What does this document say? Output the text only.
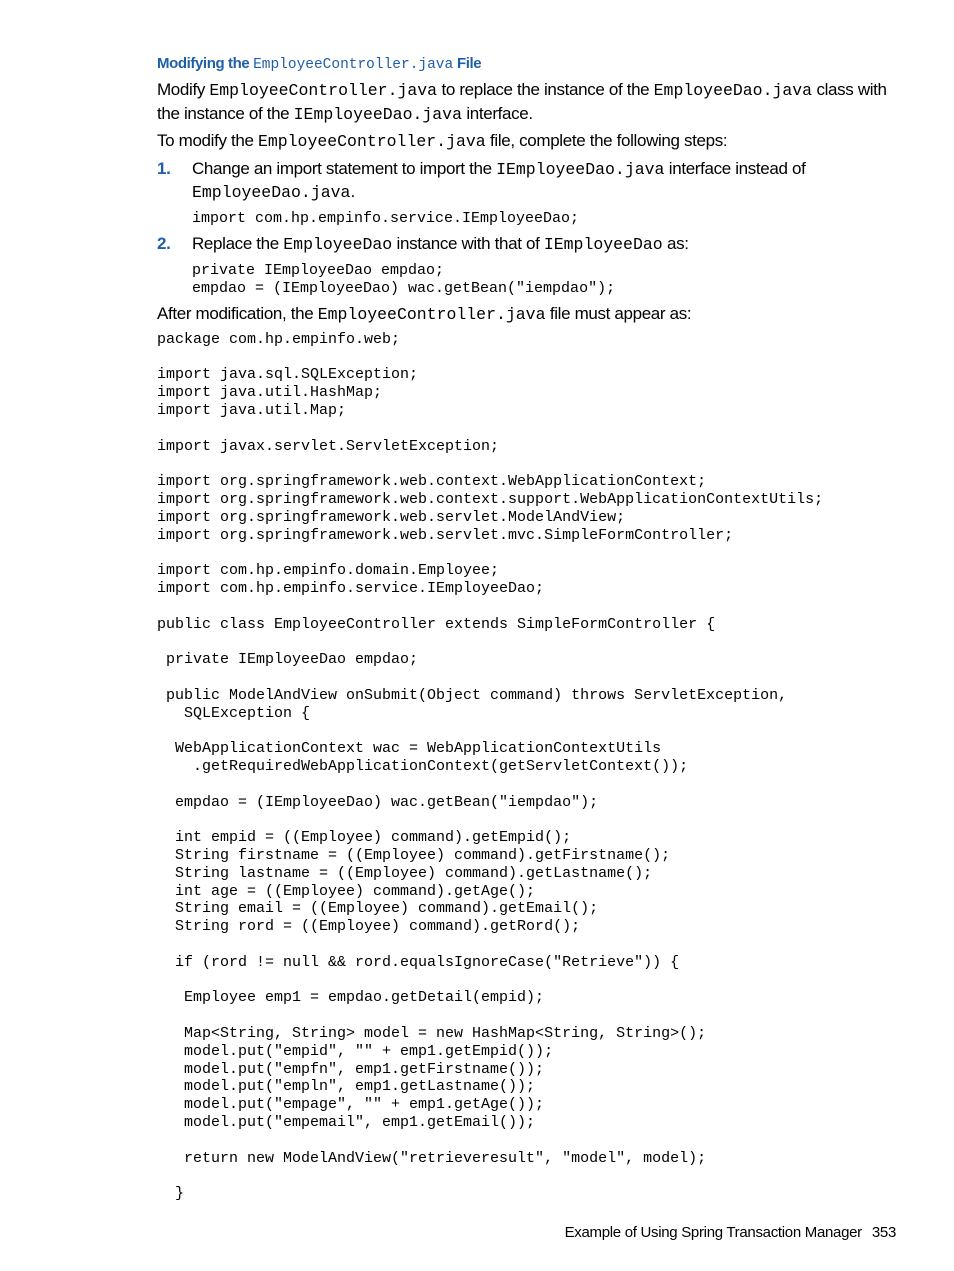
Modifying the EmployeeController.java File

Modify EmployeeController.java to replace the instance of the EmployeeDao.java class with the instance of the IEmployeeDao.java interface.

To modify the EmployeeController.java file, complete the following steps:

1. Change an import statement to import the IEmployeeDao.java interface instead of
EmployeeDao.java.
import com.hp.empinfo.service.IEmployeeDao;
2. Replace the EmployeeDao instance with that of IEmployeeDao as:
private IEmployeeDao empdao;
empdao = (IEmployeeDao) wac.getBean("iempdao");

After modification, the EmployeeController.java file must appear as:

package com.hp.empinfo.web;

import java.sql.SQLException;
import java.util.HashMap;
import java.util.Map;

import javax.servlet.ServletException;

import org.springframework.web.context.WebApplicationContext;
import org.springframework.web.context.support.WebApplicationContextUtils;
import org.springframework.web.servlet.ModelAndView;
import org.springframework.web.servlet.mvc.SimpleFormController;

import com.hp.empinfo.domain.Employee;
import com.hp.empinfo.service.IEmployeeDao;

public class EmployeeController extends SimpleFormController {

private IEmployeeDao empdao;

public ModelAndView onSubmit(Object command) throws ServletException,
SQLException {

WebApplicationContext wac = WebApplicationContextUtils
.getRequiredWebApplicationContext(getServletContext());

empdao = (IEmployeeDao) wac.getBean("iempdao");

int empid = ((Employee) command).getEmpid();
String firstname = ((Employee) command).getFirstname();
String lastname = ((Employee) command).getLastname();
int age = ((Employee) command).getAge();
String email = ((Employee) command).getEmail();
String rord = ((Employee) command).getRord();

if (rord != null && rord.equalsIgnoreCase("Retrieve")) {

Employee emp1 = empdao.getDetail(empid);

Map<String, String> model = new HashMap<String, String>();
model.put("empid", "" + emp1.getEmpid());
model.put("empfn", emp1.getFirstname());
model.put("empln", emp1.getLastname());
model.put("empage", "" + emp1.getAge());
model.put("empemail", emp1.getEmail());

return new ModelAndView("retrieveresult", "model", model);

}
Example of Using Spring Transaction Manager 353
